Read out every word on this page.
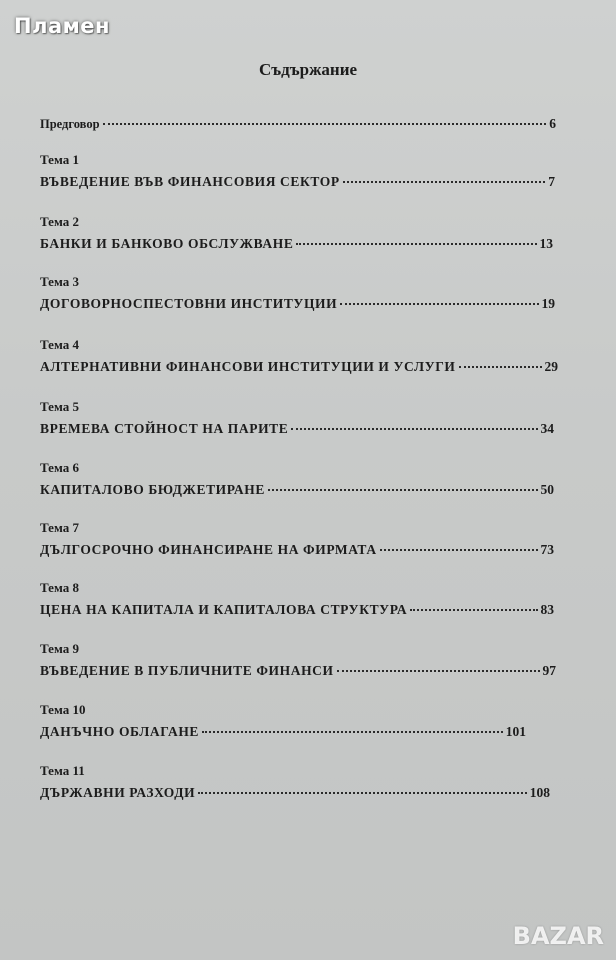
Пламен
Съдържание
Предговор	6
Тема 1
ВЪВЕДЕНИЕ ВЪВ ФИНАНСОВИЯ СЕКТОР	7
Тема 2
БАНКИ И БАНКОВО ОБСЛУЖВАНЕ	13
Тема 3
ДОГОВОРНОСПЕСТОВНИ ИНСТИТУЦИИ	19
Тема 4
АЛТЕРНАТИВНИ ФИНАНСОВИ ИНСТИТУЦИИ И УСЛУГИ	29
Тема 5
ВРЕМЕВА СТОЙНОСТ НА ПАРИТЕ	34
Тема 6
КАПИТАЛОВО БЮДЖЕТИРАНЕ	50
Тема 7
ДЪЛГОСРОЧНО ФИНАНСИРАНЕ НА ФИРМАТА	73
Тема 8
ЦЕНА НА КАПИТАЛА И КАПИТАЛОВА СТРУКТУРА	83
Тема 9
ВЪВЕДЕНИЕ В ПУБЛИЧНИТЕ ФИНАНСИ	97
Тема 10
ДАНЪЧНО ОБЛАГАНЕ	101
Тема 11
ДЪРЖАВНИ РАЗХОДИ	108
BAZAR
